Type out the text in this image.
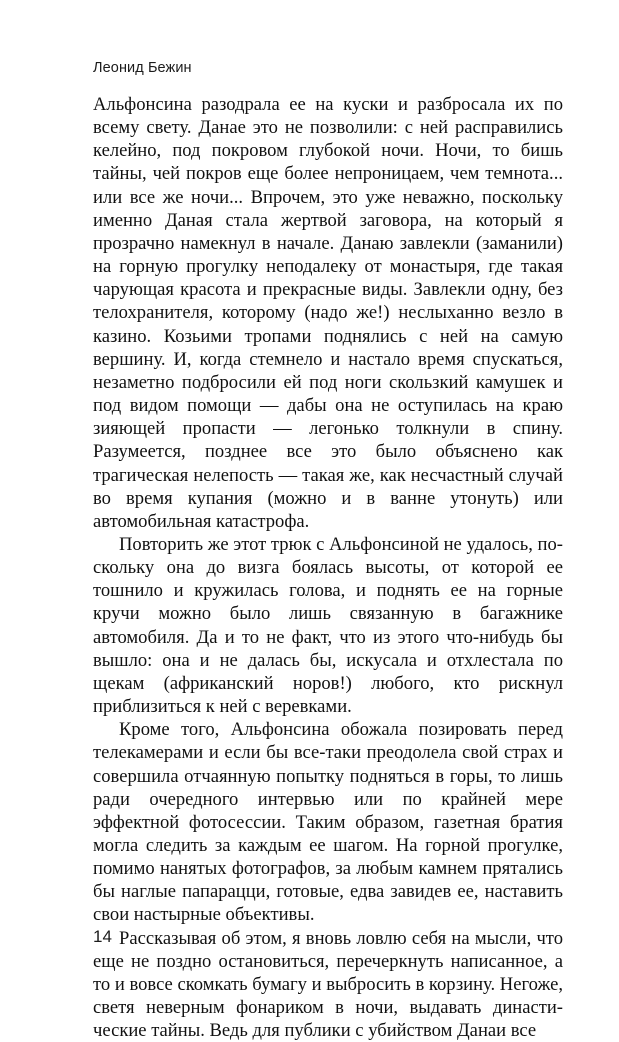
Леонид Бежин

Альфонсина разодрала ее на куски и разбросала их по всему свету. Данае это не позволили: с ней расправились келейно, под покровом глубокой ночи. Ночи, то бишь тайны, чей покров еще более непроницаем, чем темнота... или все же ночи... Впрочем, это уже неважно, поскольку именно Даная стала жертвой заговора, на который я прозрачно намекнул в начале. Данаю завлекли (заманили) на горную прогулку неподалеку от монастыря, где такая чарующая красота и прекрасные виды. Завлекли одну, без телохранителя, которому (надо же!) неслыханно везло в казино. Козьими тропами поднялись с ней на самую вершину. И, когда стемнело и настало время спускаться, незаметно подбросили ей под ноги скользкий камушек и под видом помощи — дабы она не оступилась на краю зияющей пропасти — легонько толкнули в спину. Разумеется, позднее все это было объяснено как трагическая нелепость — такая же, как несчастный случай во время купания (можно и в ванне утонуть) или автомобильная катастрофа.

Повторить же этот трюк с Альфонсиной не удалось, поскольку она до визга боялась высоты, от которой ее тошнило и кружилась голова, и поднять ее на горные кручи можно было лишь связанную в багажнике автомобиля. Да и то не факт, что из этого что-нибудь бы вышло: она и не далась бы, искусала и отхлестала по щекам (африканский норов!) любого, кто рискнул приблизиться к ней с веревками.

Кроме того, Альфонсина обожала позировать перед телекамерами и если бы все-таки преодолела свой страх и совершила отчаянную попытку подняться в горы, то лишь ради очередного интервью или по крайней мере эффектной фотосессии. Таким образом, газетная братия могла следить за каждым ее шагом. На горной прогулке, помимо нанятых фотографов, за любым камнем прятались бы наглые папарацци, готовые, едва завидев ее, наставить свои настырные объективы.

Рассказывая об этом, я вновь ловлю себя на мысли, что еще не поздно остановиться, перечеркнуть написанное, а то и вовсе скомкать бумагу и выбросить в корзину. Негоже, светя неверным фонариком в ночи, выдавать династические тайны. Ведь для публики с убийством Данаи все

14
